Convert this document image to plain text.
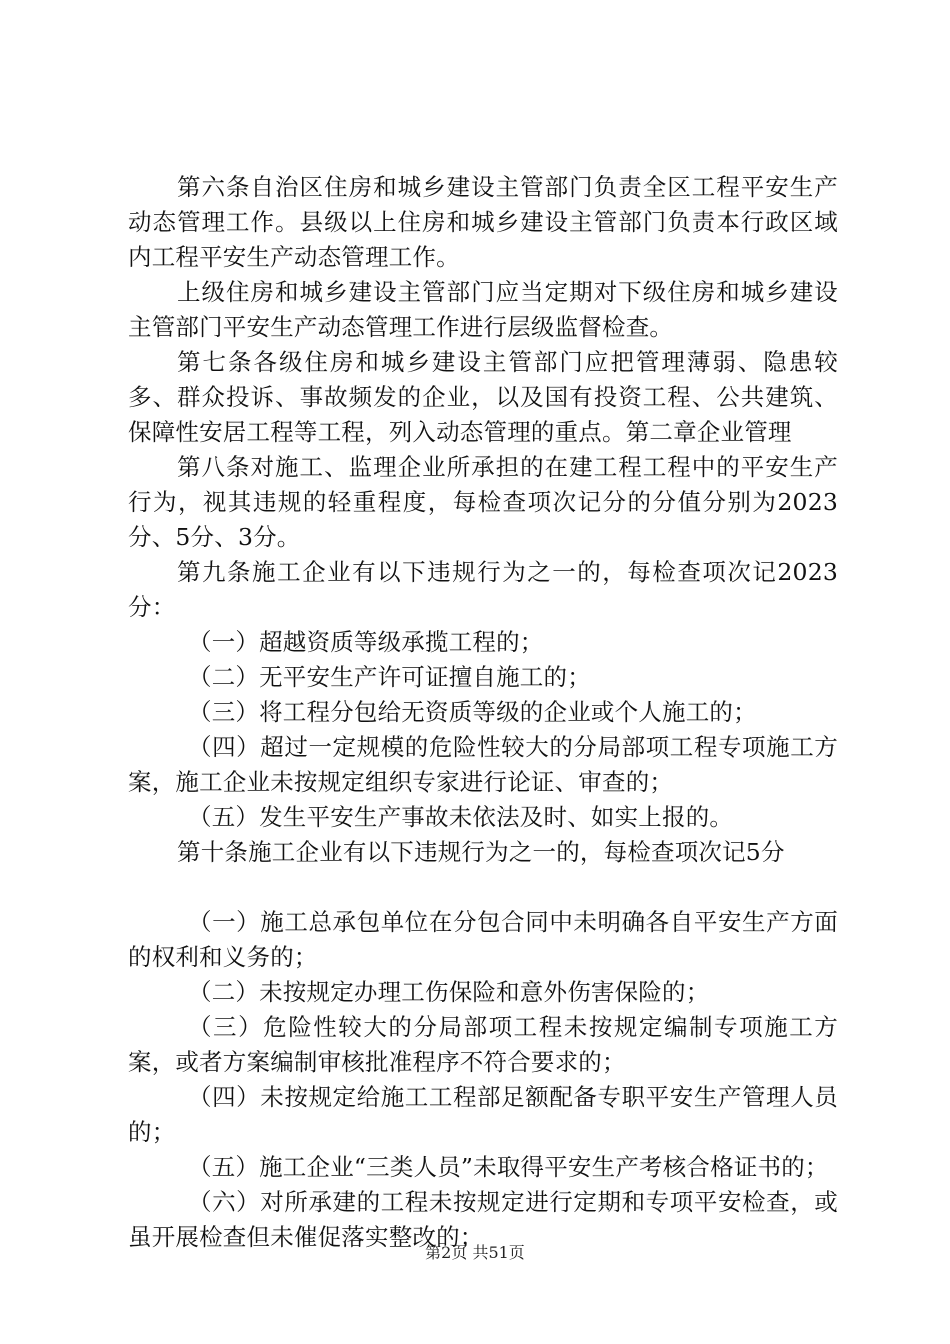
第六条自治区住房和城乡建设主管部门负责全区工程平安生产动态管理工作。县级以上住房和城乡建设主管部门负责本行政区域内工程平安生产动态管理工作。

上级住房和城乡建设主管部门应当定期对下级住房和城乡建设主管部门平安生产动态管理工作进行层级监督检查。

第七条各级住房和城乡建设主管部门应把管理薄弱、隐患较多、群众投诉、事故频发的企业，以及国有投资工程、公共建筑、保障性安居工程等工程，列入动态管理的重点。第二章企业管理

第八条对施工、监理企业所承担的在建工程工程中的平安生产行为，视其违规的轻重程度，每检查项次记分的分值分别为2023分、5分、3分。

第九条施工企业有以下违规行为之一的，每检查项次记2023分：

（一）超越资质等级承揽工程的；

（二）无平安生产许可证擅自施工的；

（三）将工程分包给无资质等级的企业或个人施工的；

（四）超过一定规模的危险性较大的分局部项工程专项施工方案，施工企业未按规定组织专家进行论证、审查的；

（五）发生平安生产事故未依法及时、如实上报的。

第十条施工企业有以下违规行为之一的，每检查项次记5分

（一）施工总承包单位在分包合同中未明确各自平安生产方面的权利和义务的；

（二）未按规定办理工伤保险和意外伤害保险的；

（三）危险性较大的分局部项工程未按规定编制专项施工方案，或者方案编制审核批准程序不符合要求的；

（四）未按规定给施工工程部足额配备专职平安生产管理人员的；

（五）施工企业“三类人员”未取得平安生产考核合格证书的；

（六）对所承建的工程未按规定进行定期和专项平安检查，或虽开展检查但未催促落实整改的；

第2页 共51页
